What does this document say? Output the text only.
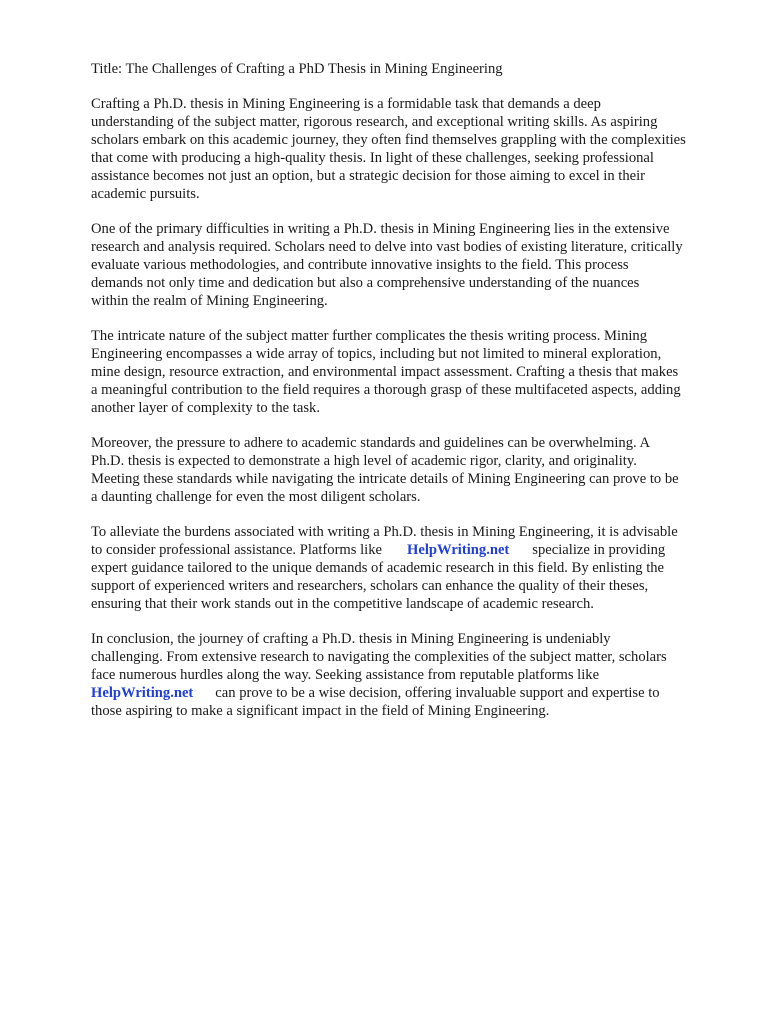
Title: The Challenges of Crafting a PhD Thesis in Mining Engineering
Crafting a Ph.D. thesis in Mining Engineering is a formidable task that demands a deep
understanding of the subject matter, rigorous research, and exceptional writing skills. As aspiring
scholars embark on this academic journey, they often find themselves grappling with the complexities
that come with producing a high-quality thesis. In light of these challenges, seeking professional
assistance becomes not just an option, but a strategic decision for those aiming to excel in their
academic pursuits.
One of the primary difficulties in writing a Ph.D. thesis in Mining Engineering lies in the extensive
research and analysis required. Scholars need to delve into vast bodies of existing literature, critically
evaluate various methodologies, and contribute innovative insights to the field. This process
demands not only time and dedication but also a comprehensive understanding of the nuances
within the realm of Mining Engineering.
The intricate nature of the subject matter further complicates the thesis writing process. Mining
Engineering encompasses a wide array of topics, including but not limited to mineral exploration,
mine design, resource extraction, and environmental impact assessment. Crafting a thesis that makes
a meaningful contribution to the field requires a thorough grasp of these multifaceted aspects, adding
another layer of complexity to the task.
Moreover, the pressure to adhere to academic standards and guidelines can be overwhelming. A
Ph.D. thesis is expected to demonstrate a high level of academic rigor, clarity, and originality.
Meeting these standards while navigating the intricate details of Mining Engineering can prove to be
a daunting challenge for even the most diligent scholars.
To alleviate the burdens associated with writing a Ph.D. thesis in Mining Engineering, it is advisable
to consider professional assistance. Platforms like HelpWriting.net specialize in providing
expert guidance tailored to the unique demands of academic research in this field. By enlisting the
support of experienced writers and researchers, scholars can enhance the quality of their theses,
ensuring that their work stands out in the competitive landscape of academic research.
In conclusion, the journey of crafting a Ph.D. thesis in Mining Engineering is undeniably
challenging. From extensive research to navigating the complexities of the subject matter, scholars
face numerous hurdles along the way. Seeking assistance from reputable platforms like
HelpWriting.net can prove to be a wise decision, offering invaluable support and expertise to
those aspiring to make a significant impact in the field of Mining Engineering.
